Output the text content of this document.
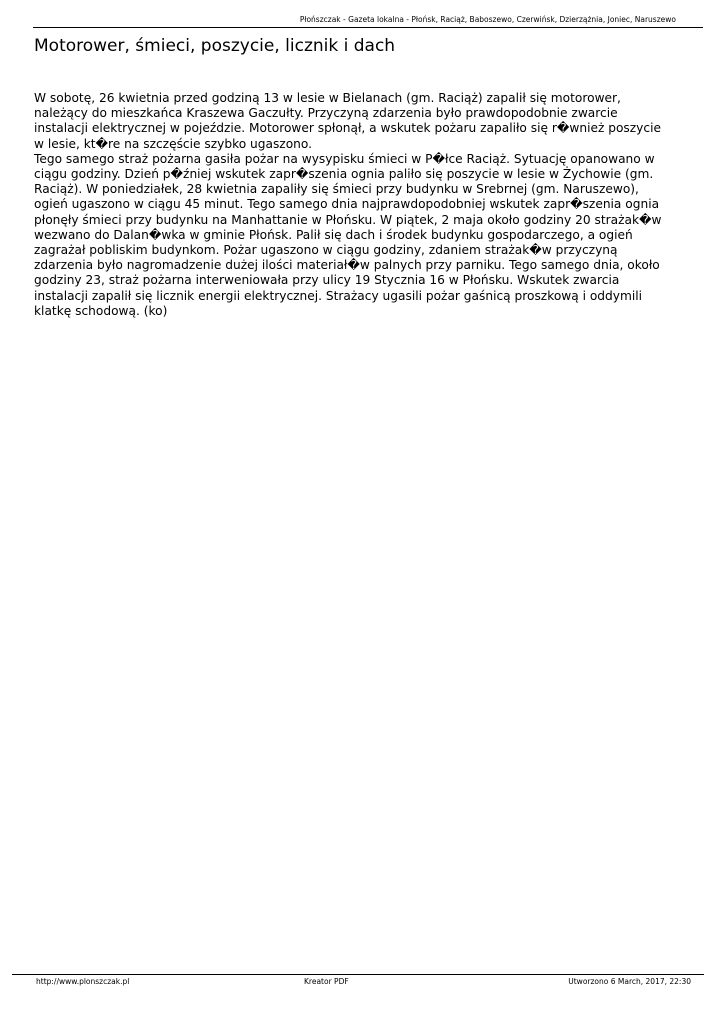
Płońszczak - Gazeta lokalna - Płońsk, Raciąż, Baboszewo, Czerwińsk, Dzierzążnia, Joniec, Naruszewo
Motorower, śmieci, poszycie, licznik i dach

W sobotę, 26 kwietnia przed godziną 13 w lesie w Bielanach (gm. Raciąż) zapalił się motorower, należący do mieszkańca Kraszewa Gaczułty. Przyczyną zdarzenia było prawdopodobnie zwarcie instalacji elektrycznej w pojeździe. Motorower spłonął, a wskutek pożaru zapaliło się r�wnież poszycie w lesie, kt�re na szczęście szybko ugaszono.

Tego samego straż pożarna gasiła pożar na wysypisku śmieci w P�łce Raciąż. Sytuację opanowano w ciągu godziny. Dzień p�źniej wskutek zapr�szenia ognia paliło się poszycie w lesie w Żychowie (gm. Raciąż). W poniedziałek, 28 kwietnia zapaliły się śmieci przy budynku w Srebrnej (gm. Naruszewo), ogień ugaszono w ciągu 45 minut. Tego samego dnia najprawdopodobniej wskutek zapr�szenia ognia płonęły śmieci przy budynku na Manhattanie w Płońsku. W piątek, 2 maja około godziny 20 strażak�w wezwano do Dalan�wka w gminie Płońsk. Palił się dach i środek budynku gospodarczego, a ogień zagrażał pobliskim budynkom. Pożar ugaszono w ciągu godziny, zdaniem strażak�w przyczyną zdarzenia było nagromadzenie dużej ilości materiał�w palnych przy parniku. Tego samego dnia, około godziny 23, straż pożarna interweniowała przy ulicy 19 Stycznia 16 w Płońsku. Wskutek zwarcia instalacji zapalił się licznik energii elektrycznej. Strażacy ugasili pożar gaśnicą proszkową i oddymili klatkę schodową. (ko)

http://www.plonszczak.pl	Kreator PDF	Utworzono 6 March, 2017, 22:30
